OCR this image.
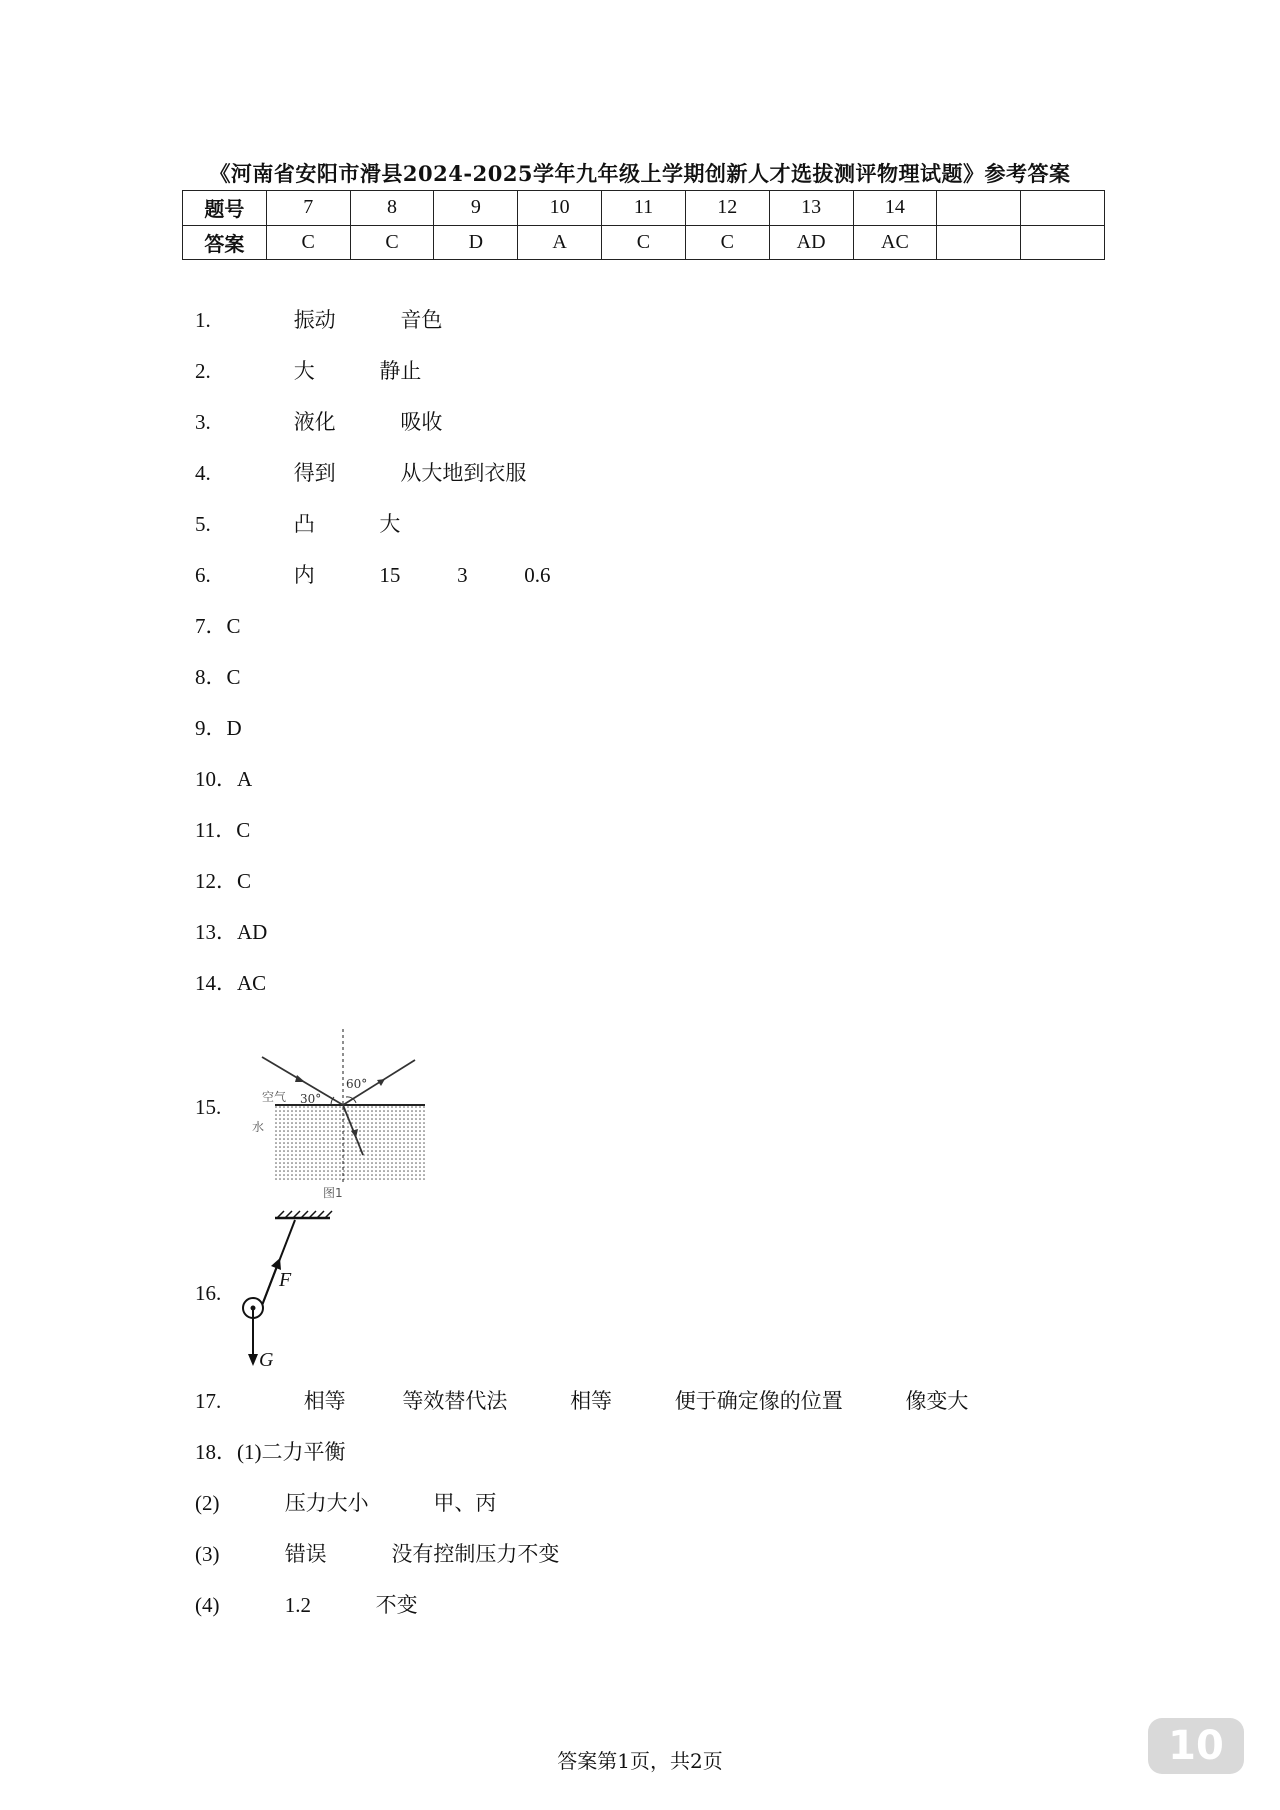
《河南省安阳市滑县2024-2025学年九年级上学期创新人才选拔测评物理试题》参考答案
题号	7	8	9	10	11	12	13	14		
答案	C	C	D	A	C	C	AD	AC		
1.	振动	音色
2.	大	静止
3.	液化	吸收
4.	得到	从大地到衣服
5.	凸	大
6.	内	15	3	0.6
7．C
8．C
9．D
10．A
11．C
12．C
13．AD
14．AC
15.
60°
30°
空气
水
图1
16.
F
G
17.	相等	等效替代法	相等	便于确定像的位置	像变大
18．(1)二力平衡
(2)	压力大小	甲、丙
(3)	错误	没有控制压力不变
(4)	1.2	不变
答案第1页，共2页	10
